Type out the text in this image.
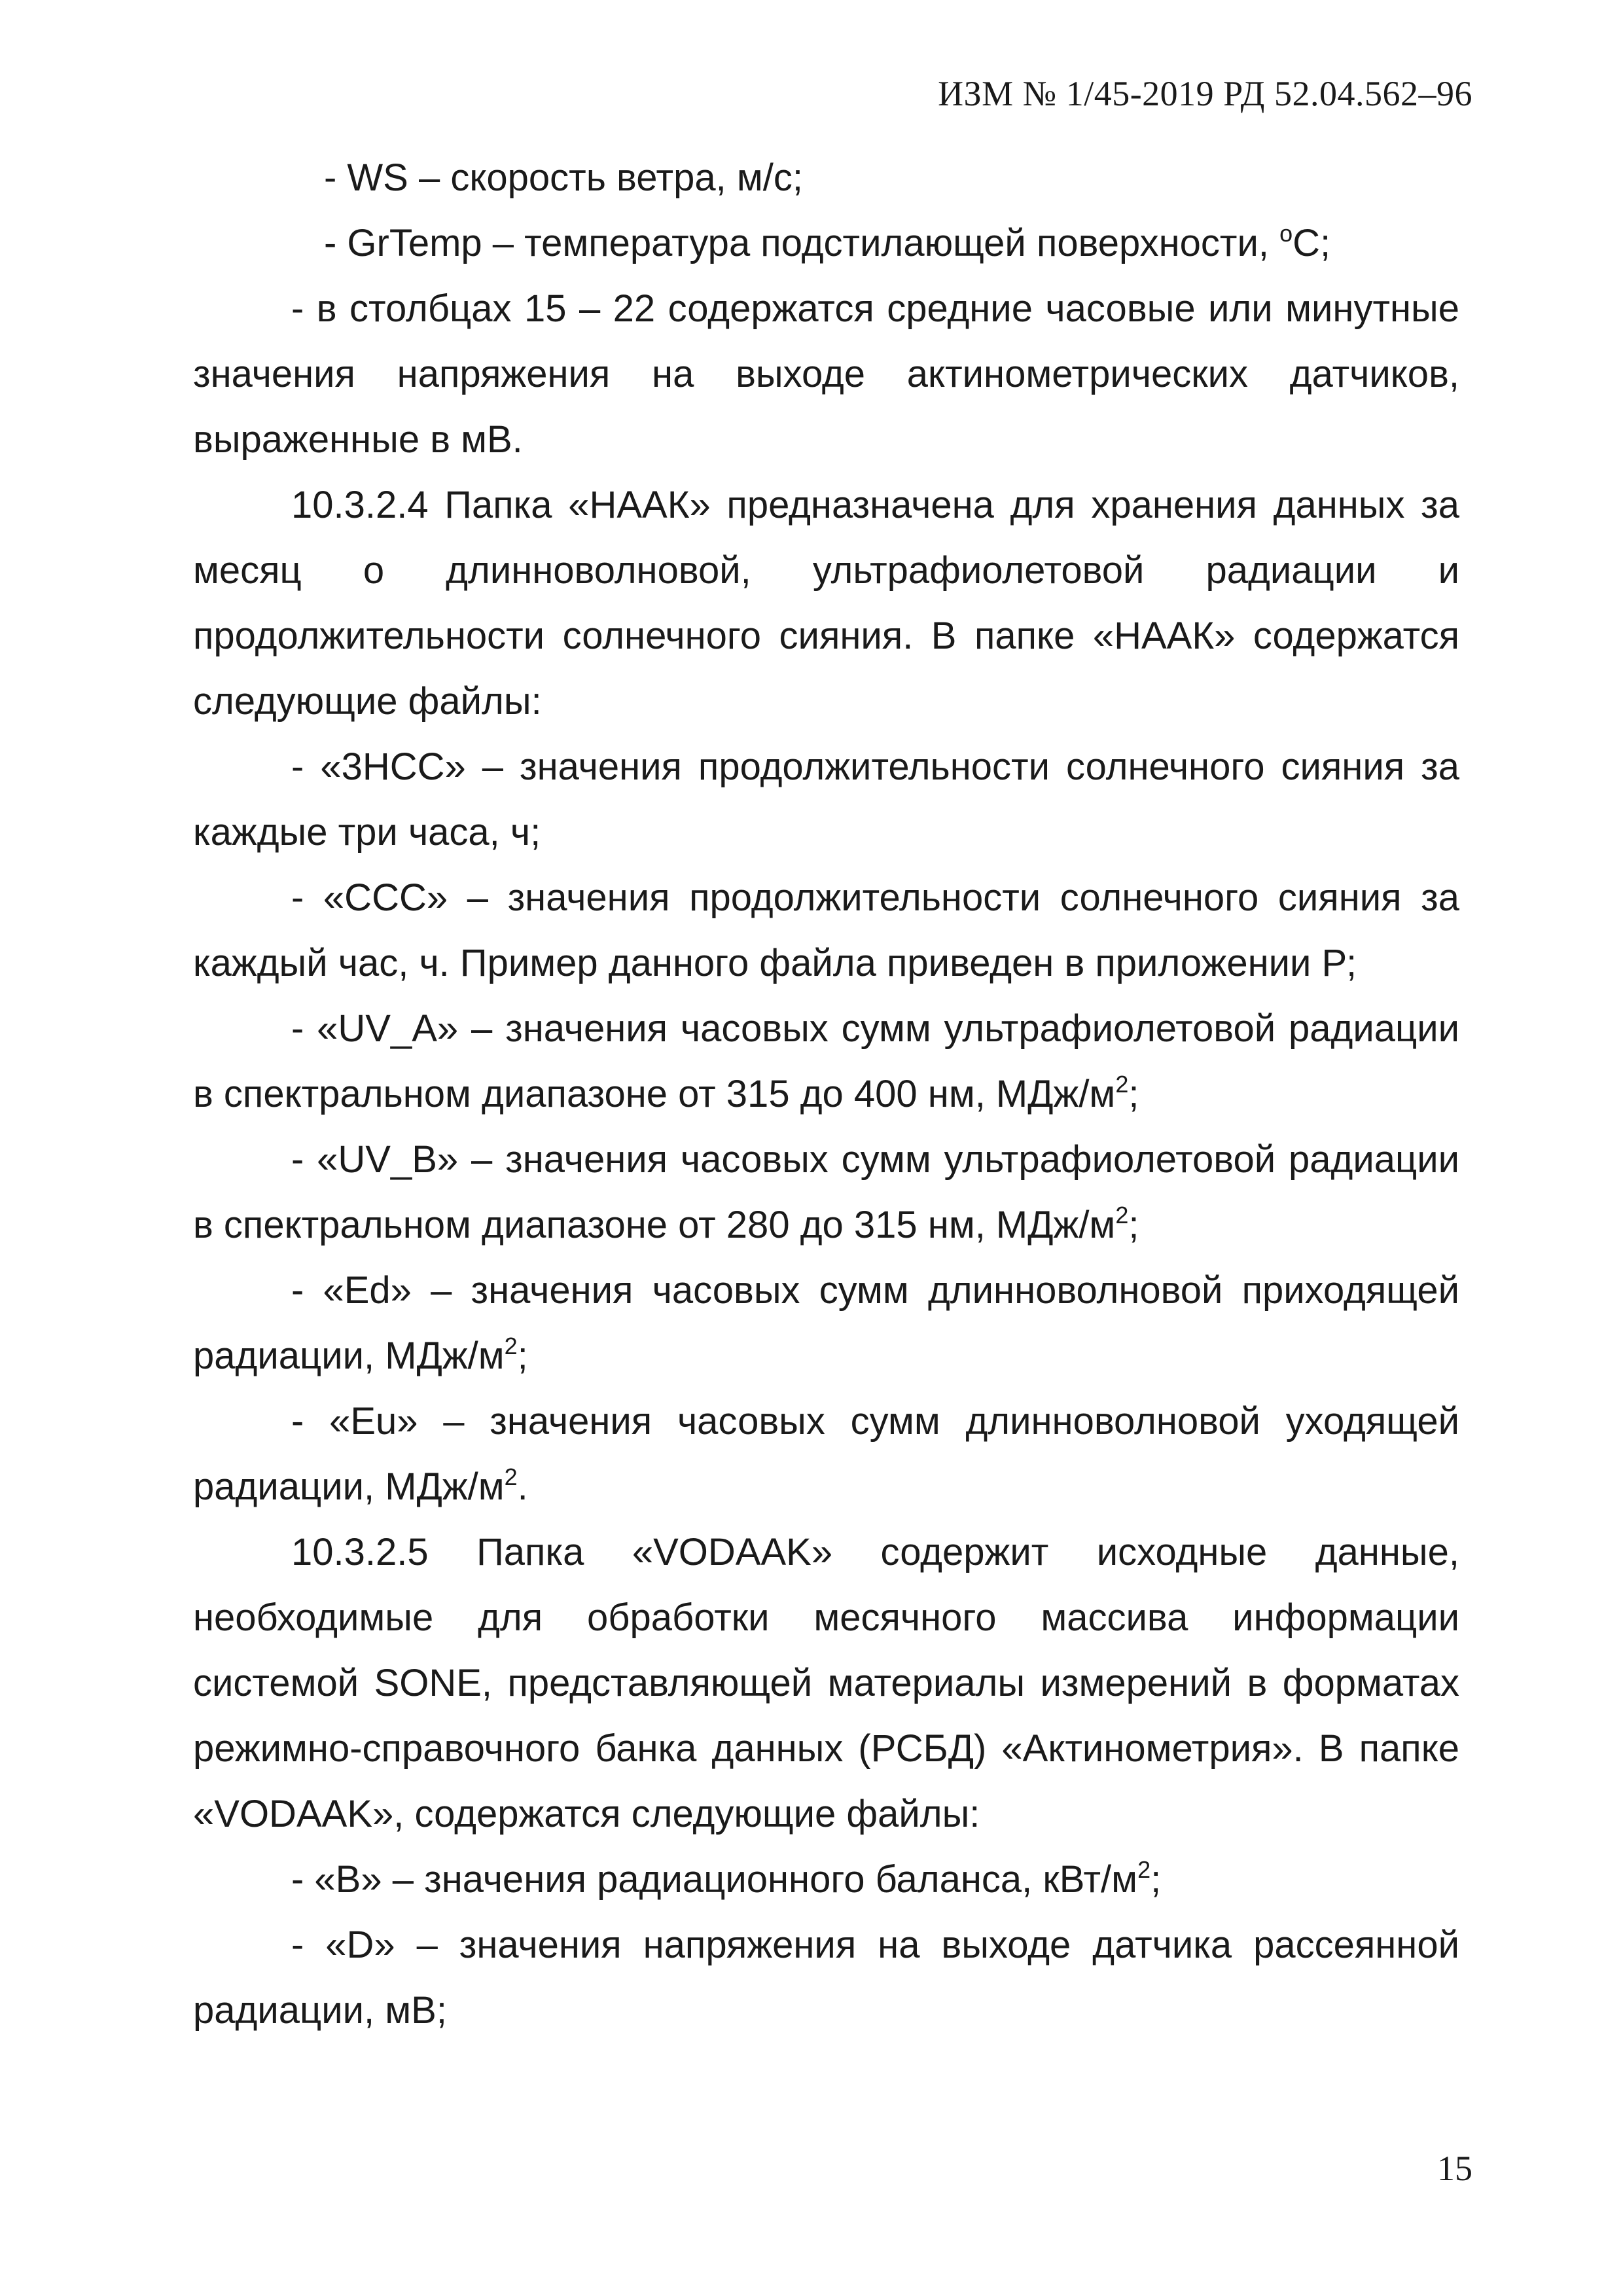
ИЗМ № 1/45-2019 РД 52.04.562–96

- WS – скорость ветра, м/с;

- GrTemp – температура подстилающей поверхности, $^о$С;

- в столбцах 15 – 22 содержатся средние часовые или минутные значения напряжения на выходе актинометрических датчиков, выраженные в мВ.

10.3.2.4 Папка «НААК» предназначена для хранения данных за месяц о длинноволновой, ультрафиолетовой радиации и продолжительности солнечного сияния. В папке «НААК» содержатся следующие файлы:

- «3НСС» – значения продолжительности солнечного сияния за каждые три часа, ч;

- «ССС» – значения продолжительности солнечного сияния за каждый час, ч. Пример данного файла приведен в приложении Р;

- «UV_A» – значения часовых сумм ультрафиолетовой радиации в спектральном диапазоне от 315 до 400 нм, МДж/$м^2$;

- «UV_B» – значения часовых сумм ультрафиолетовой радиации в спектральном диапазоне от 280 до 315 нм, МДж/$м^2$;

- «Ed» – значения часовых сумм длинноволновой приходящей радиации, МДж/$м^2$;

- «Eu» – значения часовых сумм длинноволновой уходящей радиации, МДж/$м^2$.

10.3.2.5 Папка «VODAAK» содержит исходные данные, необходимые для обработки месячного массива информации системой SONE, представляющей материалы измерений в форматах режимно-справочного банка данных (РСБД) «Актинометрия». В папке «VODAAK», содержатся следующие файлы:

- «B» – значения радиационного баланса, кВт/$м^2$;

- «D» – значения напряжения на выходе датчика рассеянной радиации, мВ;

15
